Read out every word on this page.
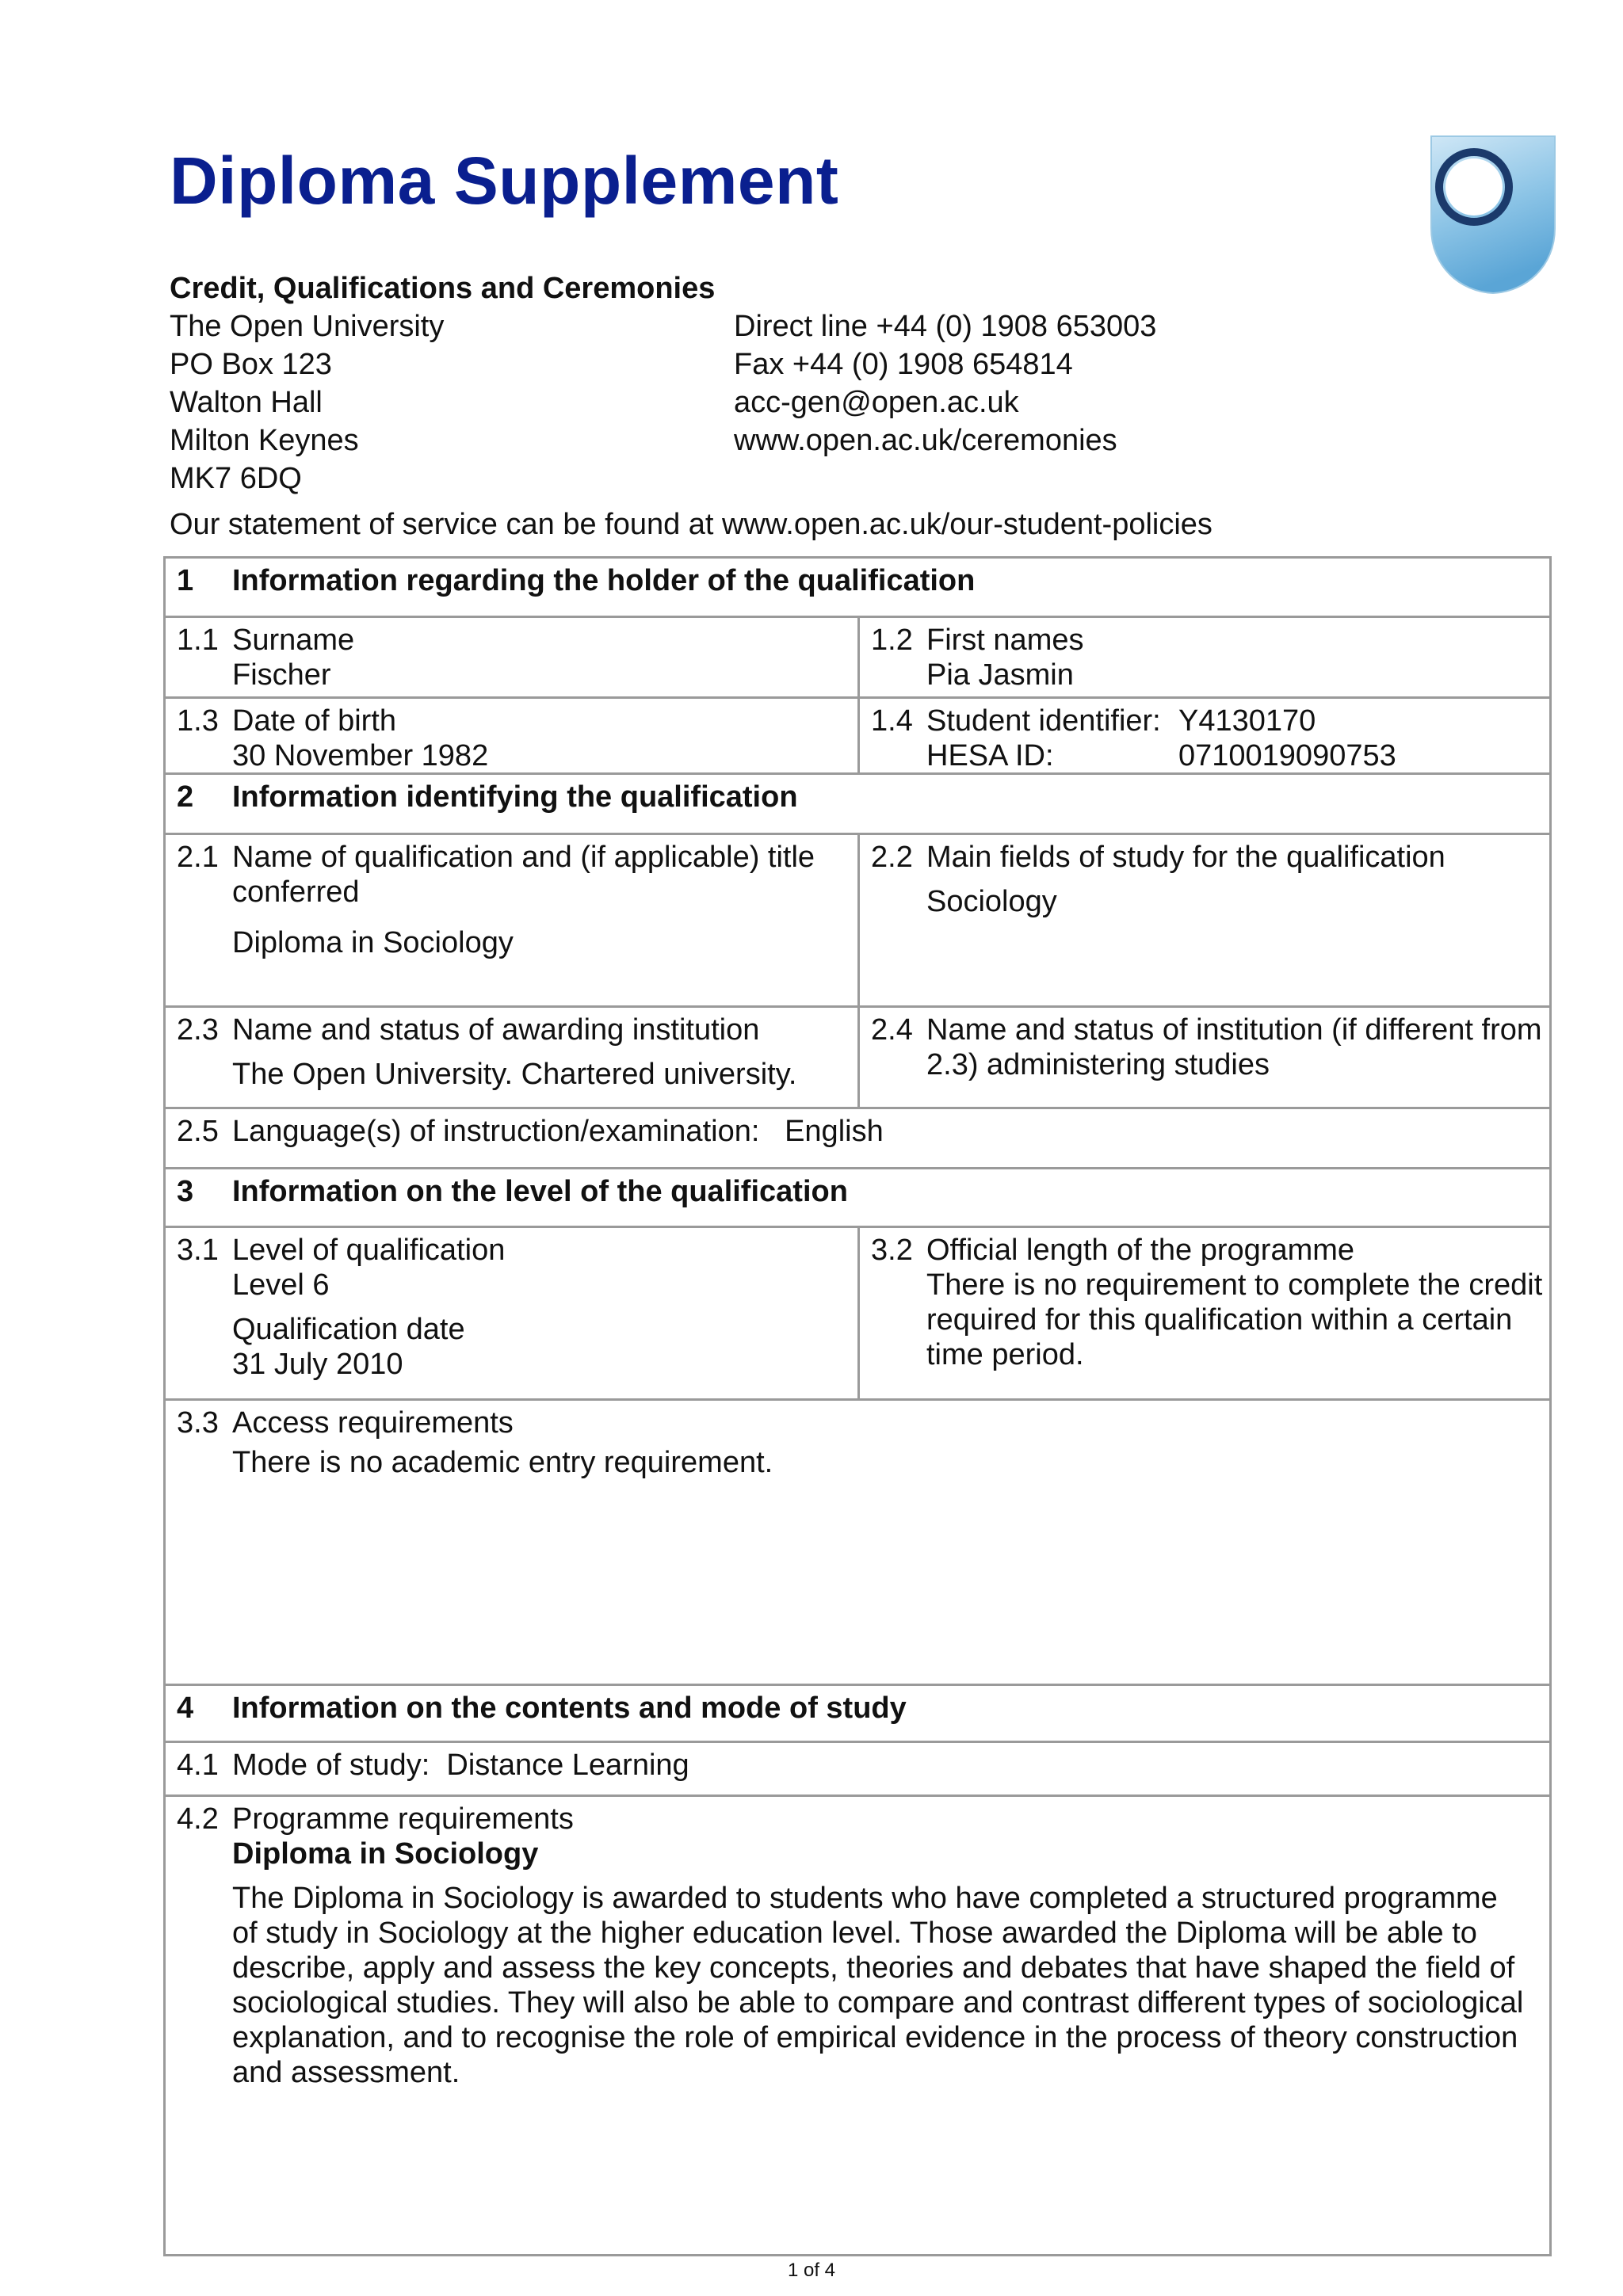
Diploma Supplement
Credit, Qualifications and Ceremonies
The Open University
PO Box 123
Walton Hall
Milton Keynes
MK7 6DQ
Direct line +44 (0) 1908 653003
Fax +44 (0) 1908 654814
acc-gen@open.ac.uk
www.open.ac.uk/ceremonies
Our statement of service can be found at www.open.ac.uk/our-student-policies
1 Information regarding the holder of the qualification
1.1 Surname
Fischer
1.2 First names
Pia Jasmin
1.3 Date of birth
30 November 1982
1.4 Student identifier: Y4130170
HESA ID:	0710019090753
2 Information identifying the qualification
2.1 Name of qualification and (if applicable) title conferred
Diploma in Sociology
2.2 Main fields of study for the qualification
Sociology
2.3 Name and status of awarding institution
The Open University. Chartered university.
2.4 Name and status of institution (if different from 2.3) administering studies
2.5 Language(s) of instruction/examination: English
3 Information on the level of the qualification
3.1 Level of qualification
Level 6
Qualification date
31 July 2010
3.2 Official length of the programme
There is no requirement to complete the credit required for this qualification within a certain time period.
3.3 Access requirements
There is no academic entry requirement.
4 Information on the contents and mode of study
4.1 Mode of study: Distance Learning
4.2 Programme requirements
Diploma in Sociology
The Diploma in Sociology is awarded to students who have completed a structured programme of study in Sociology at the higher education level. Those awarded the Diploma will be able to describe, apply and assess the key concepts, theories and debates that have shaped the field of sociological studies. They will also be able to compare and contrast different types of sociological explanation, and to recognise the role of empirical evidence in the process of theory construction and assessment.
1 of 4
